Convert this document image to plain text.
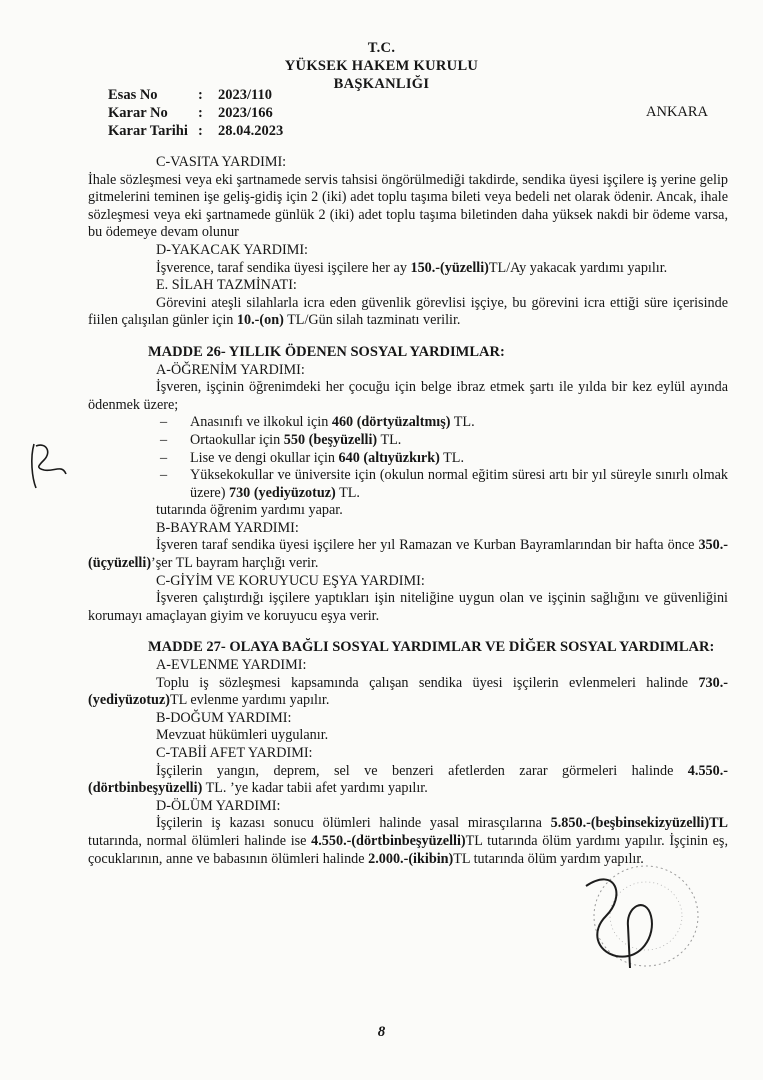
T.C.
YÜKSEK HAKEM KURULU
BAŞKANLIĞI
Esas No	:	2023/110
Karar No	:	2023/166
Karar Tarihi :	28.04.2023
ANKARA

C-VASITA YARDIMI:

İhale sözleşmesi veya eki şartnamede servis tahsisi öngörülmediği takdirde, sendika üyesi işçilere iş yerine gelip gitmelerini teminen işe geliş-gidiş için 2 (iki) adet toplu taşıma bileti veya bedeli net olarak ödenir. Ancak, ihale sözleşmesi veya eki şartnamede günlük 2 (iki) adet toplu taşıma biletinden daha yüksek nakdi bir ödeme varsa, bu ödemeye devam olunur

D-YAKACAK YARDIMI:

İşverence, taraf sendika üyesi işçilere her ay 150.-(yüzelli)TL/Ay yakacak yardımı yapılır.

E. SİLAH TAZMİNATI:

Görevini ateşli silahlarla icra eden güvenlik görevlisi işçiye, bu görevini icra ettiği süre içerisinde fiilen çalışılan günler için 10.-(on) TL/Gün silah tazminatı verilir.

MADDE 26- YILLIK ÖDENEN SOSYAL YARDIMLAR:

A-ÖĞRENİM YARDIMI:

İşveren, işçinin öğrenimdeki her çocuğu için belge ibraz etmek şartı ile yılda bir kez eylül ayında ödenmek üzere;

– Anasınıfı ve ilkokul için 460 (dörtyüzaltmış) TL.
– Ortaokullar için 550 (beşyüzelli) TL.
– Lise ve dengi okullar için 640 (altıyüzkırk) TL.
– Yüksekokullar ve üniversite için (okulun normal eğitim süresi artı bir yıl süreyle sınırlı olmak üzere) 730 (yediyüzotuz) TL.

tutarında öğrenim yardımı yapar.

B-BAYRAM YARDIMI:

İşveren taraf sendika üyesi işçilere her yıl Ramazan ve Kurban Bayramlarından bir hafta önce 350.-(üçyüzelli)’şer TL bayram harçlığı verir.

C-GİYİM VE KORUYUCU EŞYA YARDIMI:

İşveren çalıştırdığı işçilere yaptıkları işin niteliğine uygun olan ve işçinin sağlığını ve güvenliğini korumayı amaçlayan giyim ve koruyucu eşya verir.

MADDE 27- OLAYA BAĞLI SOSYAL YARDIMLAR VE DİĞER SOSYAL YARDIMLAR:

A-EVLENME YARDIMI:

Toplu iş sözleşmesi kapsamında çalışan sendika üyesi işçilerin evlenmeleri halinde 730.-(yediyüzotuz)TL evlenme yardımı yapılır.

B-DOĞUM YARDIMI:

Mevzuat hükümleri uygulanır.

C-TABİİ AFET YARDIMI:

İşçilerin yangın, deprem, sel ve benzeri afetlerden zarar görmeleri halinde 4.550.-(dörtbinbeşyüzelli) TL. ’ye kadar tabii afet yardımı yapılır.

D-ÖLÜM YARDIMI:

İşçilerin iş kazası sonucu ölümleri halinde yasal mirasçılarına 5.850.-(beşbinsekizyüzelli)TL tutarında, normal ölümleri halinde ise 4.550.-(dörtbinbeşyüzelli)TL tutarında ölüm yardımı yapılır. İşçinin eş, çocuklarının, anne ve babasının ölümleri halinde 2.000.-(ikibin)TL tutarında ölüm yardım yapılır.

8
